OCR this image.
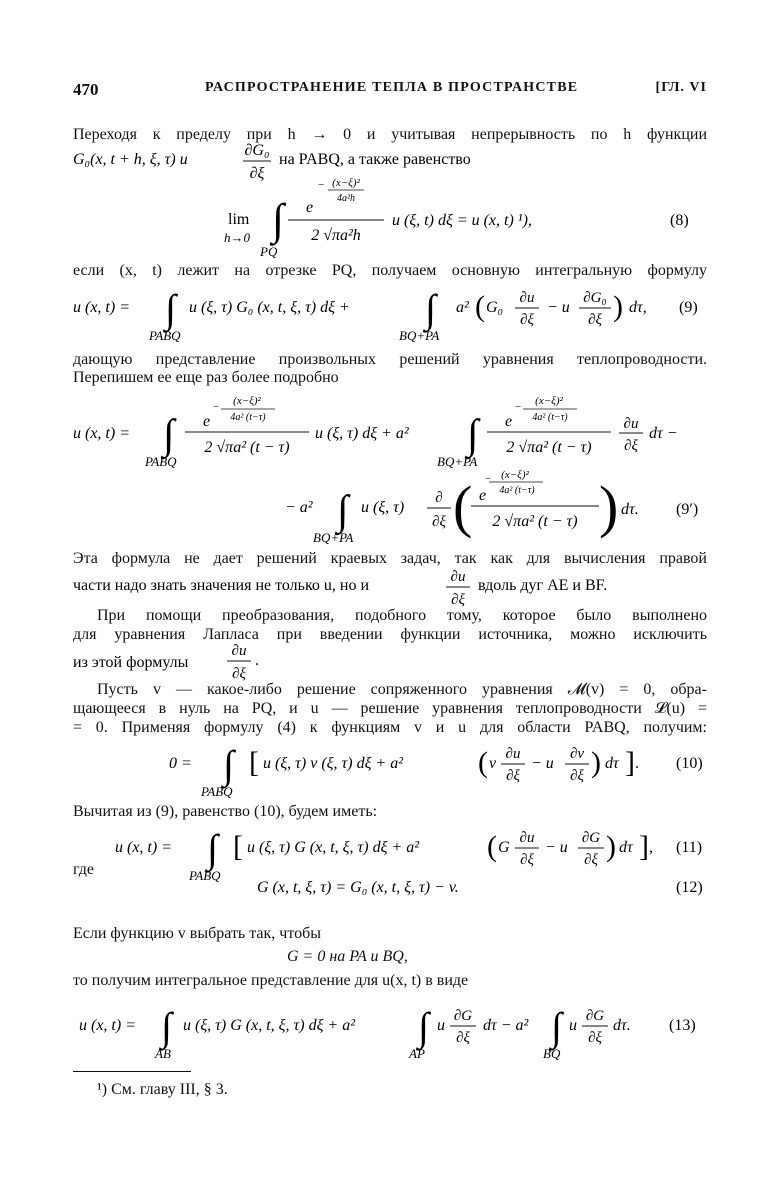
470	РАСПРОСТРАНЕНИЕ ТЕПЛА В ПРОСТРАНСТВЕ	[ГЛ. VI
Переходя к пределу при h → 0 и учитывая непрерывность по h функции
G₀(x, t + h, ξ, τ) и
∂G₀
∂ξ
на PABQ, а также равенство
lim
h→0 ∫
PQ
− (x−ξ)²
4a²h
e
2 √πa²h
u (ξ, t) dξ = u (x, t) ¹),	(8)
если (x, t) лежит на отрезке PQ, получаем основную интегральную формулу
u (x, t) = ∫
PABQ
u (ξ, τ) G₀ (x, t, ξ, τ) dξ + ∫
BQ+PA
a² ( G₀
∂u
∂ξ
− u
∂G₀
∂ξ ) dτ, (9)
дающую представление произвольных решений уравнения теплопроводности.
Перепишем ее еще раз более подробно
u (x, t) = ∫
PABQ
− (x−ξ)²
4a² (t−τ)
e
2 √πa² (t − τ)
u (ξ, τ) dξ + a² ∫
BQ+PA
− (x−ξ)²
4a² (t−τ)
e
2 √πa² (t − τ)
∂u
∂ξ
dτ −
− a² ∫
BQ+PA
u (ξ, τ)
∂
∂ξ ( − (x−ξ)²
4a² (t−τ)
e
2 √πa² (t − τ) ) dτ. (9′)
Эта формула не дает решений краевых задач, так как для вычисления правой
части надо знать значения не только u, но и	∂u
∂ξ
вдоль дуг AE и BF.
При помощи преобразования, подобного тому, которое было выполнено
для уравнения Лапласа при введении функции источника, можно исключить
из этой формулы
∂u
∂ξ
.
Пусть v — какое-либо решение сопряженного уравнения 𝓜(v) = 0, обра-
щающееся в нуль на PQ, и u — решение уравнения теплопроводности 𝓛(u) =
= 0. Применяя формулу (4) к функциям v и u для области PABQ, получим:
0 = ∫
PABQ
[ u (ξ, τ) v (ξ, τ) dξ + a² ( v
∂u
∂ξ
− u
∂v
∂ξ ) dτ ] . (10)
Вычитая из (9), равенство (10), будем иметь:
u (x, t) = ∫
PABQ
[ u (ξ, τ) G (x, t, ξ, τ) dξ + a² ( G
∂u
∂ξ
− u
∂G
∂ξ ) dτ ] , (11)
где
G (x, t, ξ, τ) = G₀ (x, t, ξ, τ) − v.	(12)
Если функцию v выбрать так, чтобы
G = 0 на PA и BQ,
то получим интегральное представление для u(x, t) в виде
u (x, t) = ∫
AB
u (ξ, τ) G (x, t, ξ, τ) dξ + a² ∫
AP
u
∂G
∂ξ
dτ − a² ∫
BQ
u
∂G
∂ξ
dτ. (13)
¹) См. главу III, § 3.
